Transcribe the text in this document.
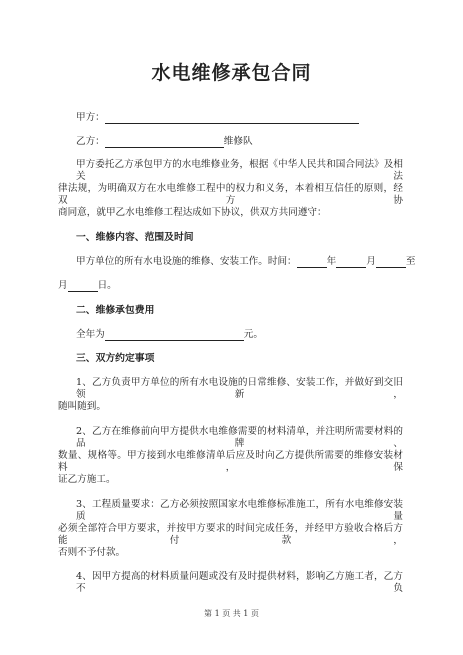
水电维修承包合同
甲方：
乙方：	维修队
甲方委托乙方承包甲方的水电维修业务，根据《中华人民共和国合同法》及相关法
律法规，为明确双方在水电维修工程中的权力和义务，本着相互信任的原则，经双方协
商同意，就甲乙水电维修工程达成如下协议，供双方共同遵守：
一、维修内容、范围及时间
甲方单位的所有水电设施的维修、安装工作。时间：	年	月	至
月	日。
二、维修承包费用
全年为	元。
三、双方约定事项
1、乙方负责甲方单位的所有水电设施的日常维修、安装工作，并做好到交旧领新，
随叫随到。
2、乙方在维修前向甲方提供水电维修需要的材料清单，并注明所需要材料的品牌、
数量、规格等。甲方接到水电维修清单后应及时向乙方提供所需要的维修安装材料，保
证乙方施工。
3、工程质量要求：乙方必须按照国家水电维修标准施工，所有水电维修安装质量
必须全部符合甲方要求，并按甲方要求的时间完成任务，并经甲方验收合格后方能付款，
否则不予付款。
4、因甲方提高的材料质量问题或没有及时提供材料，影响乙方施工者，乙方不负
第 1 页 共 1 页
